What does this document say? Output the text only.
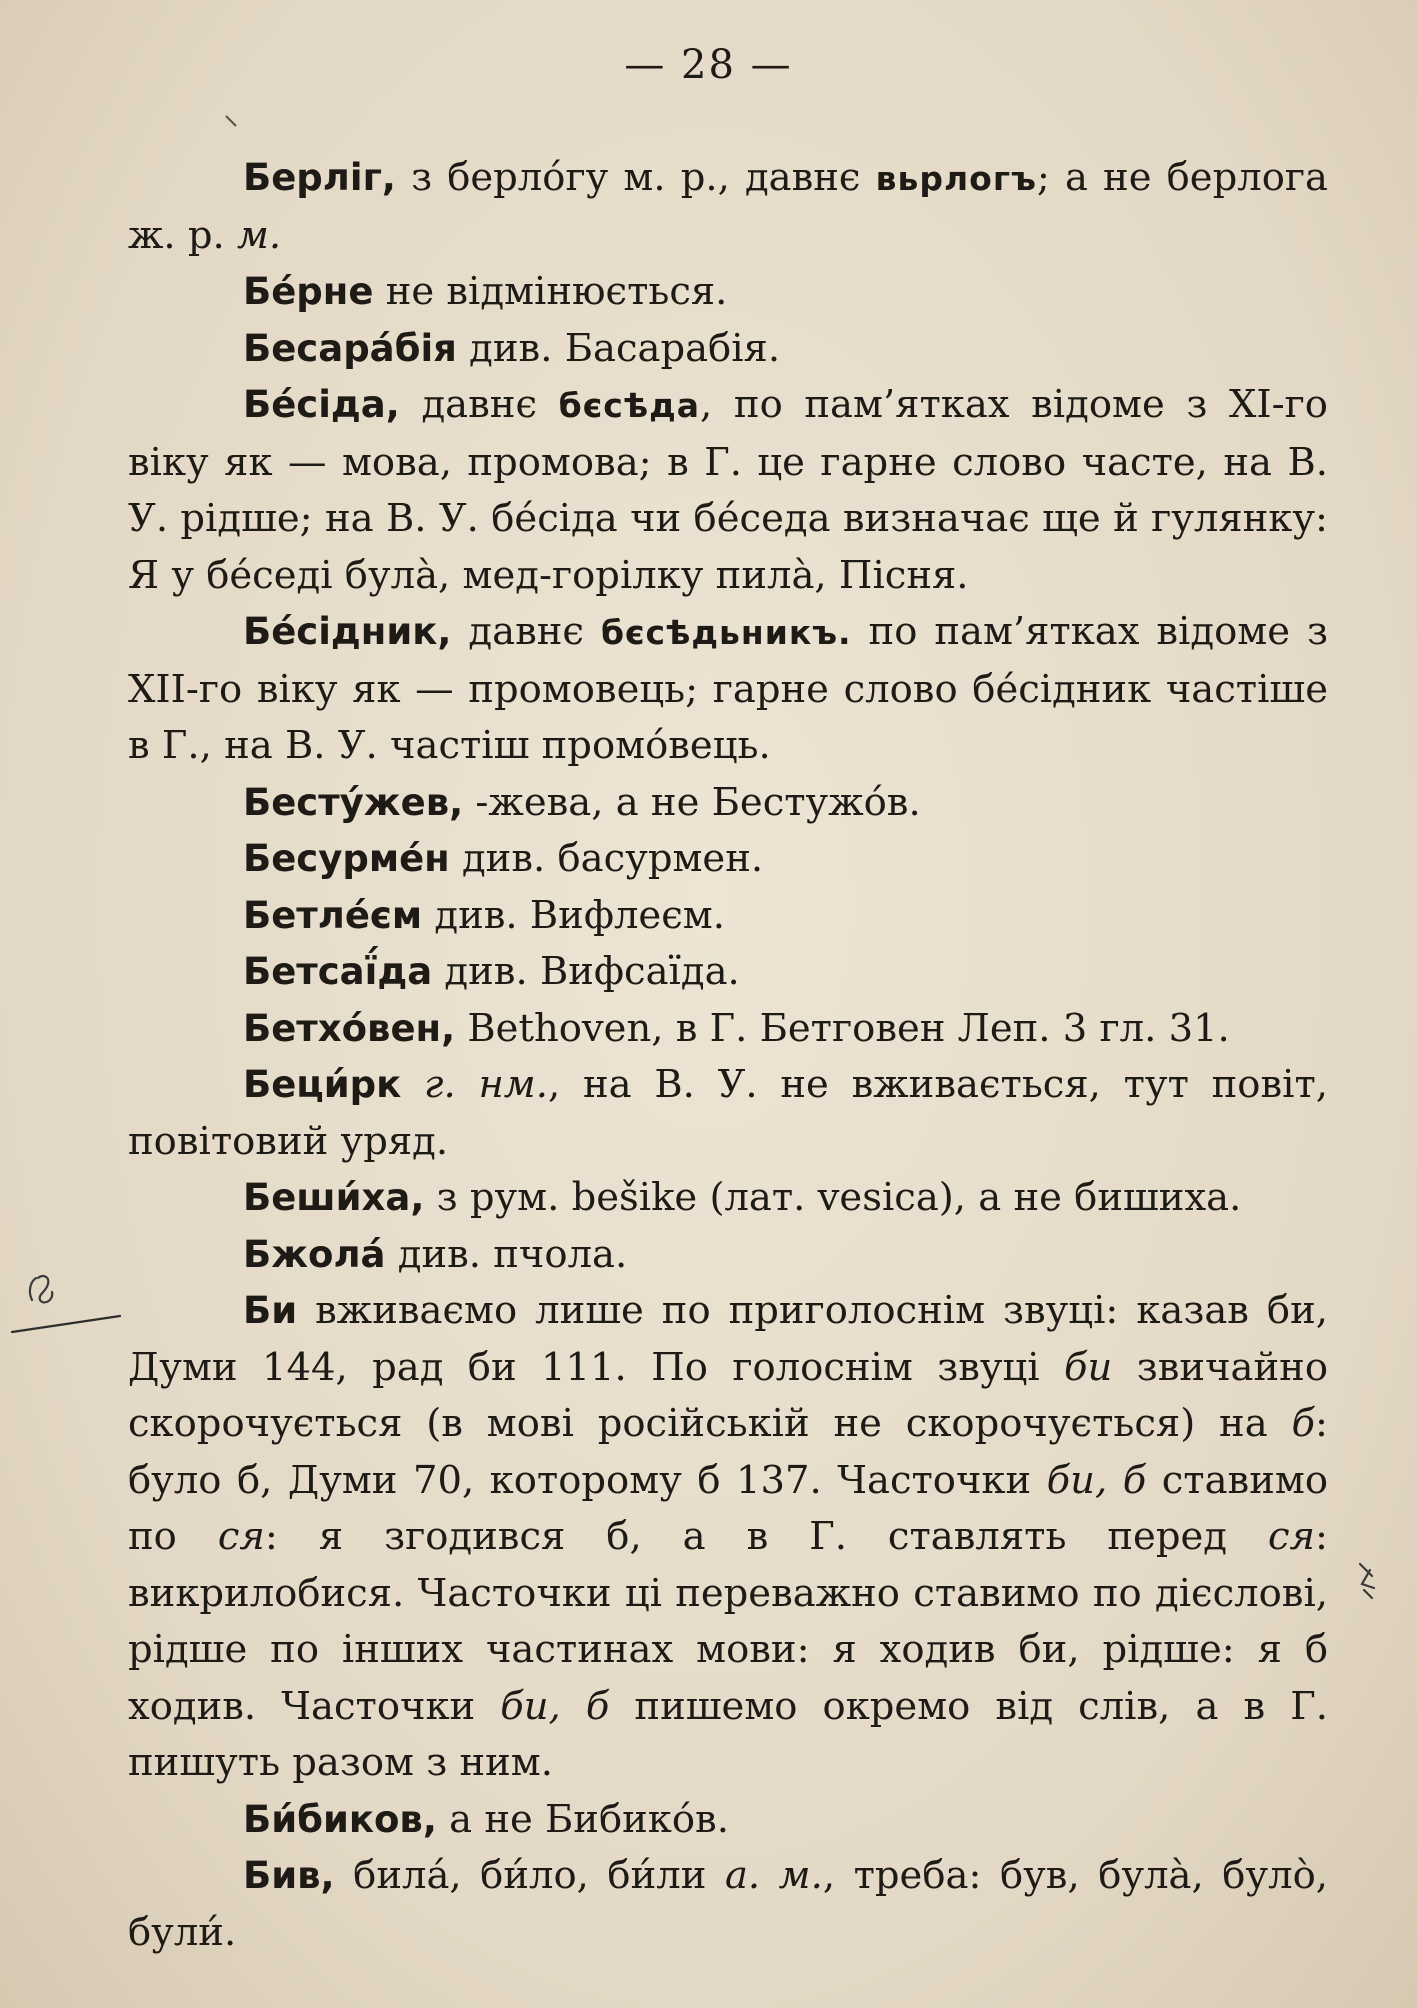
— 28 —

Берліг, з берло́гу м. р., давнє вьрлогъ; а не берлога ж. р. м.

Бе́рне не відмінюється.

Бесара́бія див. Басарабія.

Бе́сіда, давнє бєсѣда, по пам’ятках відоме з XI-го віку як — мова, промова; в Г. це гарне слово часте, на В. У. рідше; на В. У. бе́сіда чи бе́седа визначає ще й гулянку: Я у бе́седі була̀, мед-горілку пила̀, Пісня.

Бе́сідник, давнє бєсѣдьникъ. по пам’ятках відоме з XII-го віку як — промовець; гарне слово бе́сідник частіше в Г., на В. У. частіш промо́вець.

Бесту́жев, -жева, а не Бестужо́в.

Бесурме́н див. басурмен.

Бетле́єм див. Вифлеєм.

Бетсаї́да див. Вифсаїда.

Бетхо́вен, Bethoven, в Г. Бетговен Леп. 3 гл. 31.

Беци́рк г. нм., на В. У. не вживається, тут повіт, повітовий уряд.

Беши́ха, з рум. bešike (лат. vesica), а не бишиха.

Бжола́ див. пчола.

Би вживаємо лише по приголоснім звуці: казав би, Думи 144, рад би 111. По голоснім звуці би звичайно скорочується (в мові російській не скорочується) на б: було б, Думи 70, которому б 137. Частoчки би, б ставимо по ся: я згодився б, а в Г. ставлять перед ся: викрилобися. Частoчки ці переважно ставимо по дієслові, рідше по інших частинах мови: я ходив би, рідше: я б ходив. Частoчки би, б пишемо окремо від слів, а в Г. пишуть разом з ним.

Би́биков, а не Бибико́в.

Бив, била́, би́ло, би́ли а. м., треба: був, була̀, було̀, були́.
